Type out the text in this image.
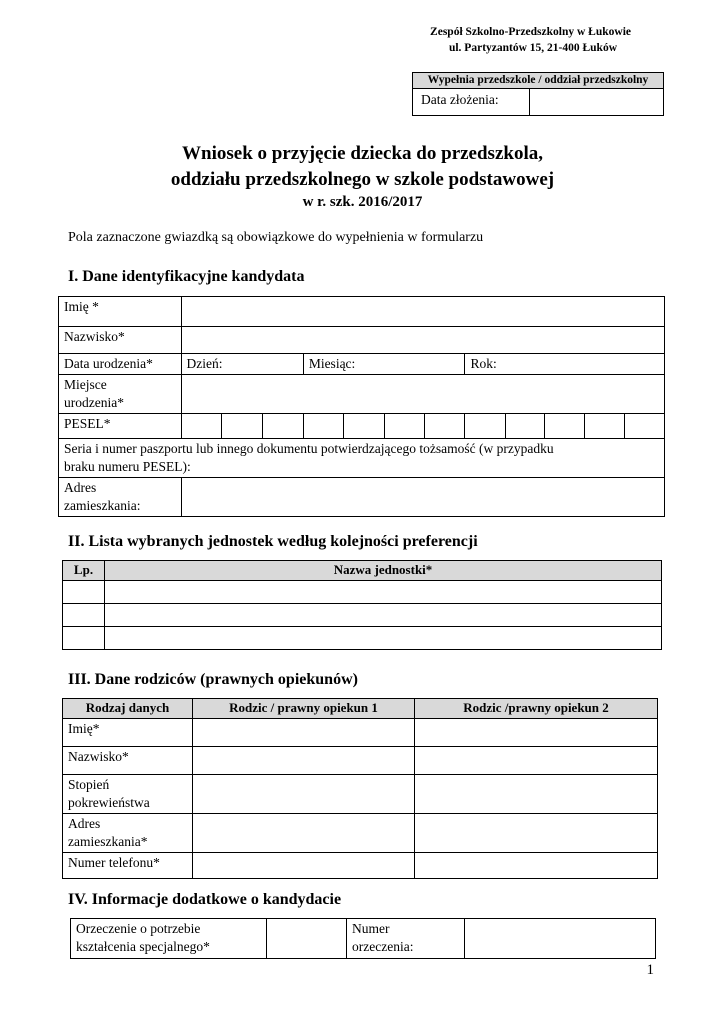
Zespół Szkolno-Przedszkolny w Łukowie
ul. Partyzantów 15, 21-400 Łuków
Wypełnia przedszkole / oddział przedszkolny
Data złożenia:	
Wniosek o przyjęcie dziecka do przedszkola,
oddziału przedszkolnego w szkole podstawowej
w r. szk. 2016/2017
Pola zaznaczone gwiazdką są obowiązkowe do wypełnienia w formularzu
I. Dane identyfikacyjne kandydata
Imię *												
Nazwisko*												
Data urodzenia*	Dzień:			Miesiąc:				Rok:				
Miejsce
urodzenia*												
PESEL*												
Seria i numer paszportu lub innego dokumentu potwierdzającego tożsamość (w przypadku
braku numeru PESEL):												
Adres
zamieszkania:												
II. Lista wybranych jednostek według kolejności preferencji
Lp.	Nazwa jednostki*

III. Dane rodziców (prawnych opiekunów)
Rodzaj danych	Rodzic / prawny opiekun 1	Rodzic /prawny opiekun 2
Imię*		
Nazwisko*		
Stopień
pokrewieństwa		
Adres
zamieszkania*		
Numer telefonu*		
IV. Informacje dodatkowe o kandydacie
Orzeczenie o potrzebie
kształcenia specjalnego*		Numer
orzeczenia:	
1
